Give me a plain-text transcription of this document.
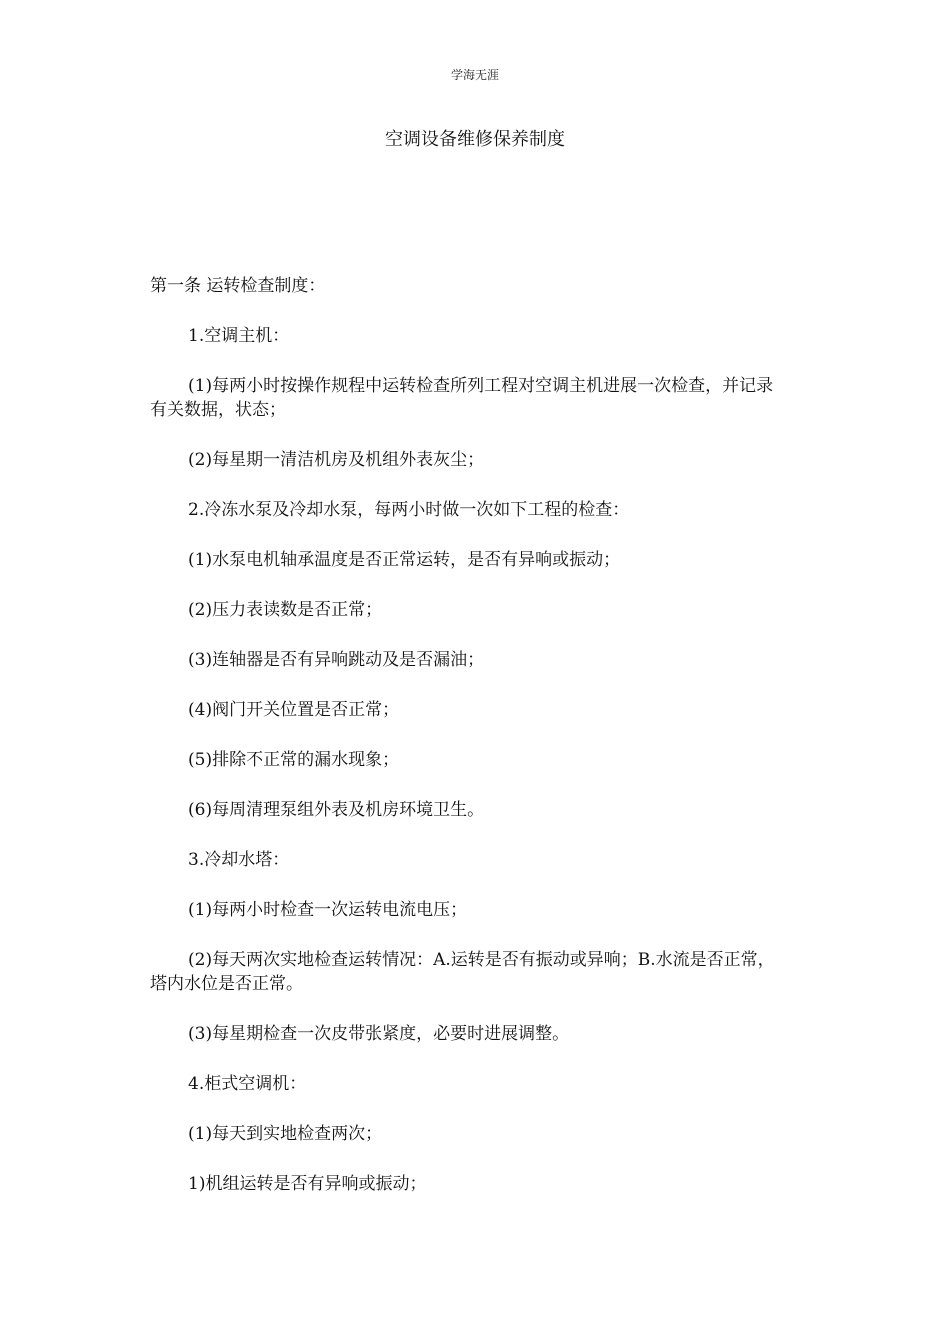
学海无涯
空调设备维修保养制度

第一条 运转检查制度：

1.空调主机：

(1)每两小时按操作规程中运转检查所列工程对空调主机进展一次检查，并记录有关数据，状态；

(2)每星期一清洁机房及机组外表灰尘；

2.冷冻水泵及冷却水泵，每两小时做一次如下工程的检查：

(1)水泵电机轴承温度是否正常运转，是否有异响或振动；

(2)压力表读数是否正常；

(3)连轴器是否有异响跳动及是否漏油；

(4)阀门开关位置是否正常；

(5)排除不正常的漏水现象；

(6)每周清理泵组外表及机房环境卫生。

3.冷却水塔：

(1)每两小时检查一次运转电流电压；

(2)每天两次实地检查运转情况：A.运转是否有振动或异响；B.水流是否正常，塔内水位是否正常。

(3)每星期检查一次皮带张紧度，必要时进展调整。

4.柜式空调机：

(1)每天到实地检查两次；

1)机组运转是否有异响或振动；
